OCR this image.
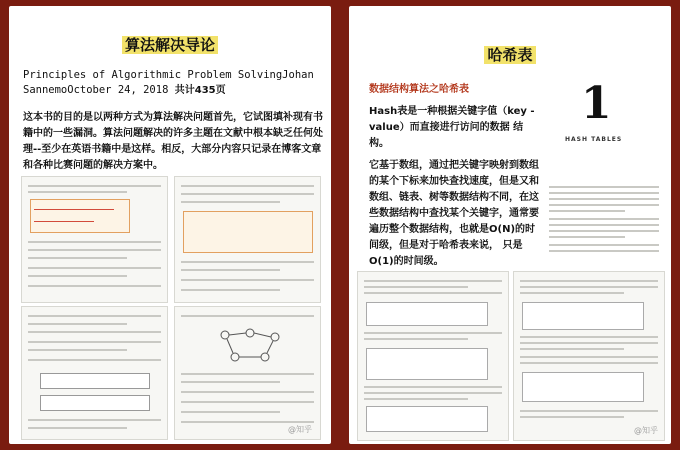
算法解决导论
Principles of Algorithmic Problem SolvingJohan SannemoOctober 24, 2018 共计435页
这本书的目的是以两种方式为算法解决问题首先，它试图填补现有书籍中的一些漏洞。算法问题解决的许多主题在文献中根本缺乏任何处理--至少在英语书籍中是这样。相反，大部分内容只记录在博客文章和各种比赛问题的解决方案中。
@知乎
哈希表
数据结构算法之哈希表
Hash表是一种根据关键字值（key - value）而直接进行访问的数据 结构。
它基于数组，通过把关键字映射到数组的某个下标来加快查找速度，但是又和数组、链表、树等数据结构不同，在这些数据结构中查找某个关键字，通常要遍历整个数据结构，也就是O(N)的时间级，但是对于哈希表来说， 只是O(1)的时间级。
1
HASH TABLES
@知乎
